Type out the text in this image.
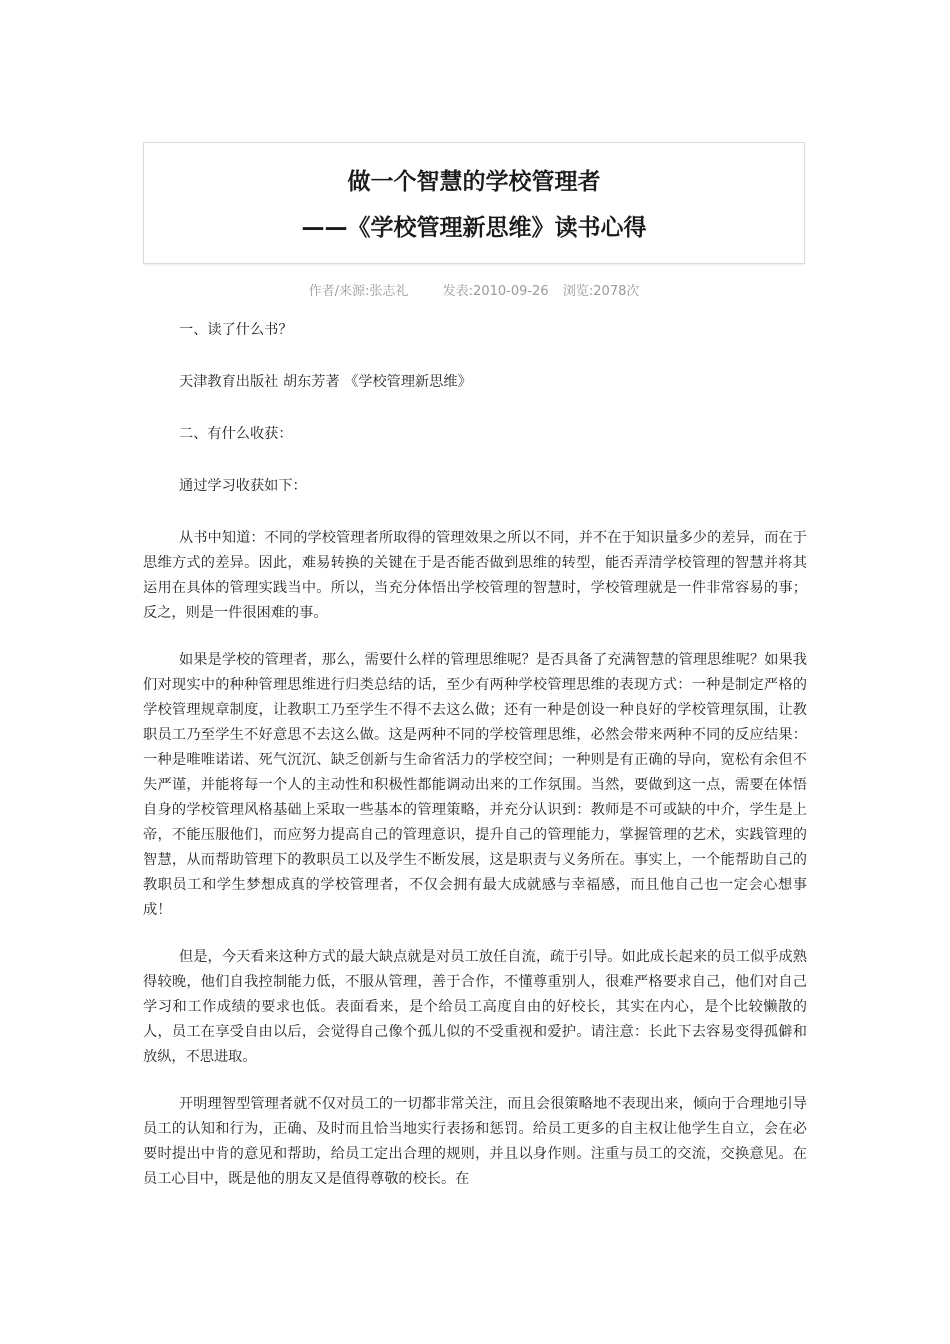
做一个智慧的学校管理者

——《学校管理新思维》读书心得

作者/来源:张志礼	发表:2010-09-26 浏览:2078次

一、读了什么书？

天津教育出版社 胡东芳著 《学校管理新思维》

二、有什么收获：

通过学习收获如下：

从书中知道：不同的学校管理者所取得的管理效果之所以不同，并不在于知识量多少的差异，而在于思维方式的差异。因此，难易转换的关键在于是否能否做到思维的转型，能否弄清学校管理的智慧并将其运用在具体的管理实践当中。所以，当充分体悟出学校管理的智慧时，学校管理就是一件非常容易的事；反之，则是一件很困难的事。

如果是学校的管理者，那么，需要什么样的管理思维呢？是否具备了充满智慧的管理思维呢？如果我们对现实中的种种管理思维进行归类总结的话，至少有两种学校管理思维的表现方式：一种是制定严格的学校管理规章制度，让教职工乃至学生不得不去这么做；还有一种是创设一种良好的学校管理氛围，让教职员工乃至学生不好意思不去这么做。这是两种不同的学校管理思维，必然会带来两种不同的反应结果：一种是唯唯诺诺、死气沉沉、缺乏创新与生命省活力的学校空间；一种则是有正确的导向，宽松有余但不失严谨，并能将每一个人的主动性和积极性都能调动出来的工作氛围。当然，要做到这一点，需要在体悟自身的学校管理风格基础上采取一些基本的管理策略，并充分认识到：教师是不可或缺的中介，学生是上帝，不能压服他们，而应努力提高自己的管理意识，提升自己的管理能力，掌握管理的艺术，实践管理的智慧，从而帮助管理下的教职员工以及学生不断发展，这是职责与义务所在。事实上，一个能帮助自己的教职员工和学生梦想成真的学校管理者，不仅会拥有最大成就感与幸福感，而且他自己也一定会心想事成！

但是，今天看来这种方式的最大缺点就是对员工放任自流，疏于引导。如此成长起来的员工似乎成熟得较晚，他们自我控制能力低，不服从管理，善于合作，不懂尊重别人，很难严格要求自己，他们对自己学习和工作成绩的要求也低。表面看来，是个给员工高度自由的好校长，其实在内心，是个比较懒散的人，员工在享受自由以后，会觉得自己像个孤儿似的不受重视和爱护。请注意：长此下去容易变得孤僻和放纵，不思进取。

开明理智型管理者就不仅对员工的一切都非常关注，而且会很策略地不表现出来，倾向于合理地引导员工的认知和行为，正确、及时而且恰当地实行表扬和惩罚。给员工更多的自主权让他学生自立，会在必要时提出中肯的意见和帮助，给员工定出合理的规则，并且以身作则。注重与员工的交流，交换意见。在员工心目中，既是他的朋友又是值得尊敬的校长。在
